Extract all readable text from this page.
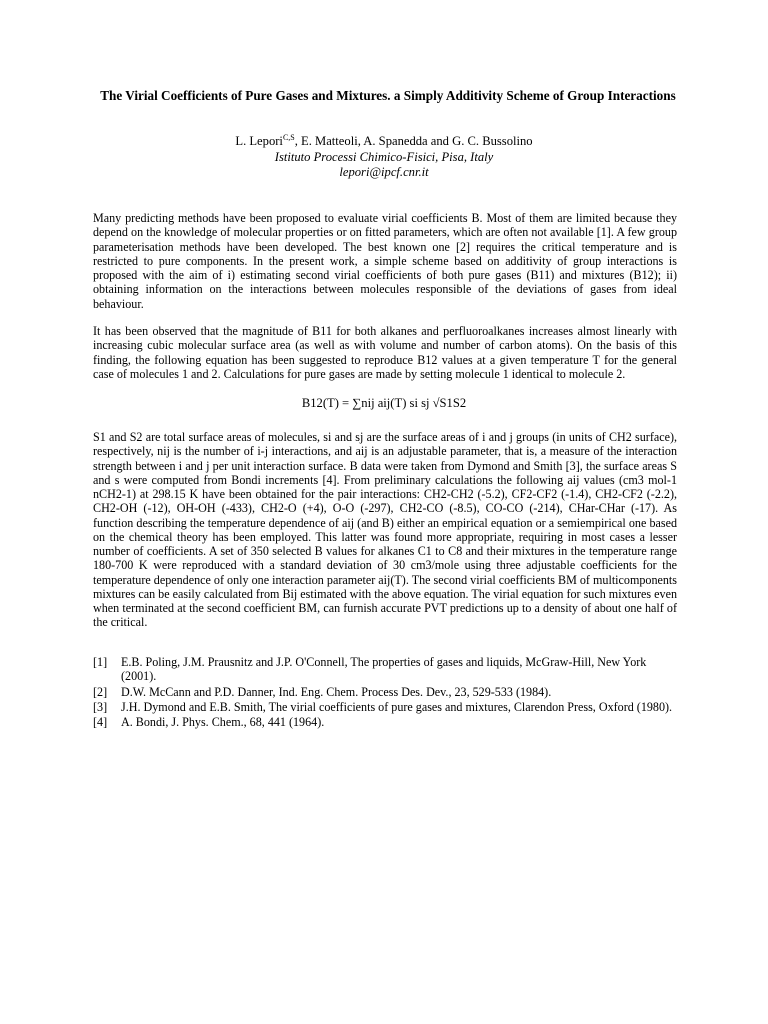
The Virial Coefficients of Pure Gases and Mixtures. a Simply Additivity Scheme of Group Interactions
L. Lepori$^{C,S}$, E. Matteoli, A. Spanedda and G. C. Bussolino
Istituto Processi Chimico-Fisici, Pisa, Italy
lepori@ipcf.cnr.it
Many predicting methods have been proposed to evaluate virial coefficients B. Most of them are limited because they depend on the knowledge of molecular properties or on fitted parameters, which are often not available [1]. A few group parameterisation methods have been developed. The best known one [2] requires the critical temperature and is restricted to pure components. In the present work, a simple scheme based on additivity of group interactions is proposed with the aim of i) estimating second virial coefficients of both pure gases (B11) and mixtures (B12); ii) obtaining information on the interactions between molecules responsible of the deviations of gases from ideal behaviour.
It has been observed that the magnitude of B11 for both alkanes and perfluoroalkanes increases almost linearly with increasing cubic molecular surface area (as well as with volume and number of carbon atoms). On the basis of this finding, the following equation has been suggested to reproduce B12 values at a given temperature T for the general case of molecules 1 and 2. Calculations for pure gases are made by setting molecule 1 identical to molecule 2.
B12(T) = ∑nij aij(T) si sj √S1S2
S1 and S2 are total surface areas of molecules, si and sj are the surface areas of i and j groups (in units of CH2 surface), respectively, nij is the number of i-j interactions, and aij is an adjustable parameter, that is, a measure of the interaction strength between i and j per unit interaction surface. B data were taken from Dymond and Smith [3], the surface areas S and s were computed from Bondi increments [4]. From preliminary calculations the following aij values (cm3 mol-1 nCH2-1) at 298.15 K have been obtained for the pair interactions: CH2-CH2 (-5.2), CF2-CF2 (-1.4), CH2-CF2 (-2.2), CH2-OH (-12), OH-OH (-433), CH2-O (+4), O-O (-297), CH2-CO (-8.5), CO-CO (-214), CHar-CHar (-17). As function describing the temperature dependence of aij (and B) either an empirical equation or a semiempirical one based on the chemical theory has been employed. This latter was found more appropriate, requiring in most cases a lesser number of coefficients. A set of 350 selected B values for alkanes C1 to C8 and their mixtures in the temperature range 180-700 K were reproduced with a standard deviation of 30 cm3/mole using three adjustable coefficients for the temperature dependence of only one interaction parameter aij(T). The second virial coefficients BM of multicomponents mixtures can be easily calculated from Bij estimated with the above equation. The virial equation for such mixtures even when terminated at the second coefficient BM, can furnish accurate PVT predictions up to a density of about one half of the critical.
[1] E.B. Poling, J.M. Prausnitz and J.P. O'Connell, The properties of gases and liquids, McGraw-Hill, New York (2001).
[2] D.W. McCann and P.D. Danner, Ind. Eng. Chem. Process Des. Dev., 23, 529-533 (1984).
[3] J.H. Dymond and E.B. Smith, The virial coefficients of pure gases and mixtures, Clarendon Press, Oxford (1980).
[4] A. Bondi, J. Phys. Chem., 68, 441 (1964).
